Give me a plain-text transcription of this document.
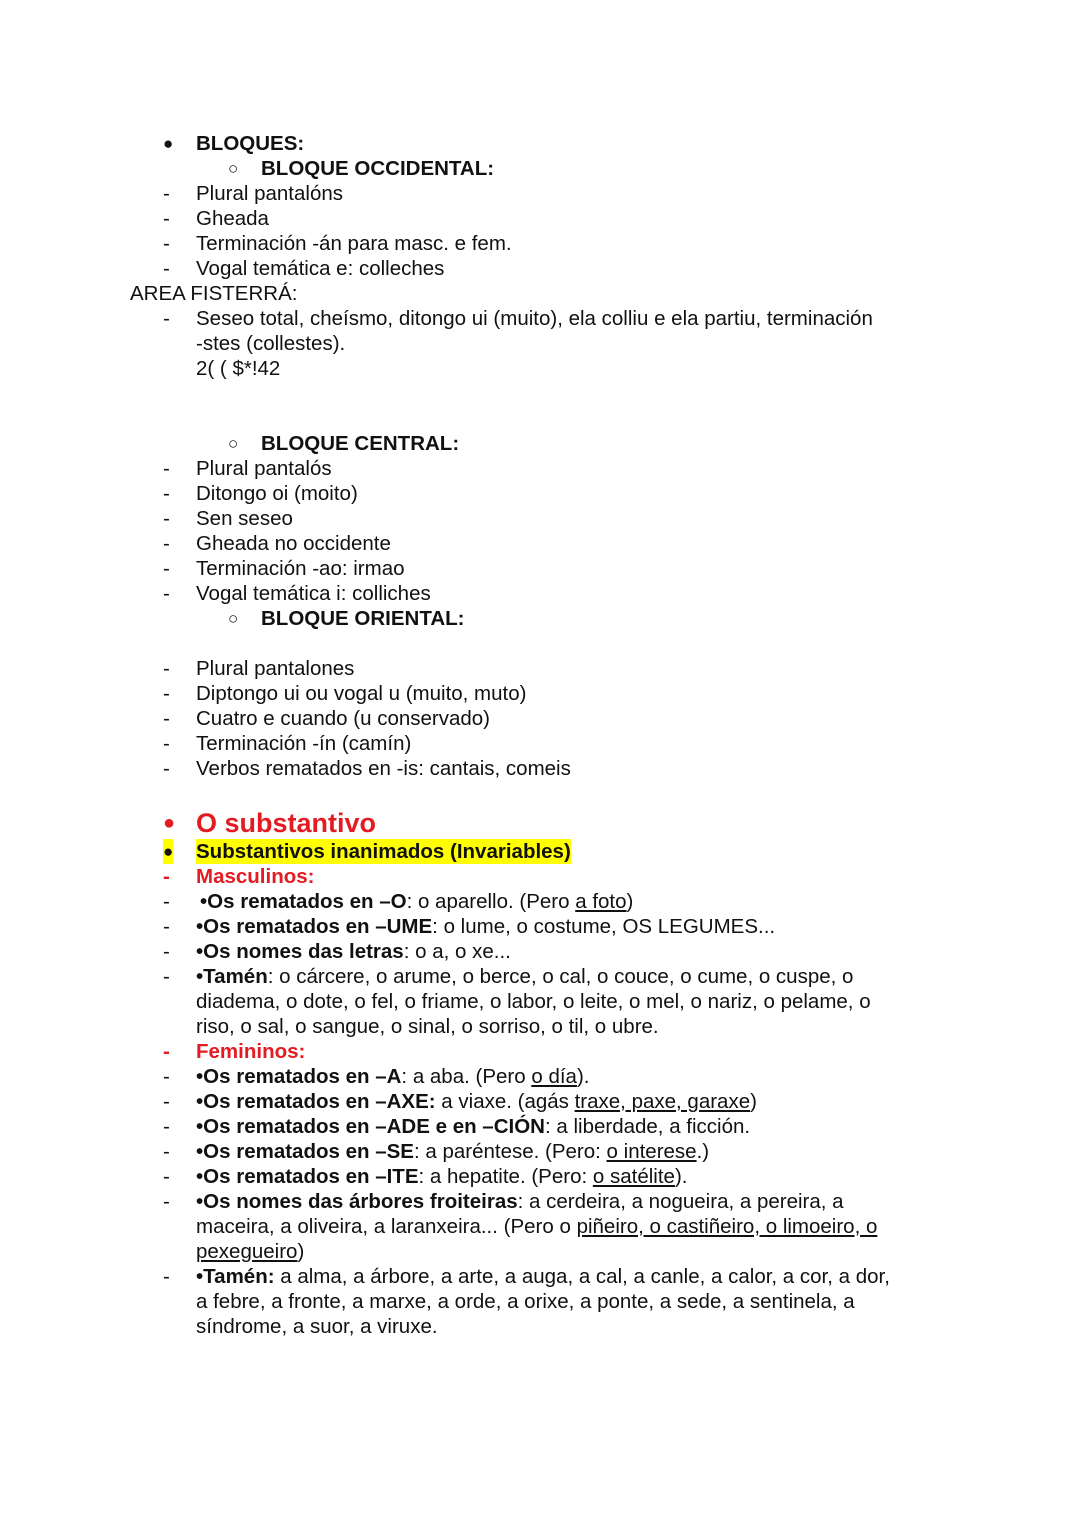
● BLOQUES:
○ BLOQUE OCCIDENTAL:
- Plural pantalóns
- Gheada
- Terminación -án para masc. e fem.
- Vogal temática e: colleches
AREA FISTERRÁ:
- Seseo total, cheísmo, ditongo ui (muito), ela colliu e ela partiu, terminación
-stes (collestes).
2( ( $*!42
○ BLOQUE CENTRAL:
- Plural pantalós
- Ditongo oi (moito)
- Sen seseo
- Gheada no occidente
- Terminación -ao: irmao
- Vogal temática i: colliches
○ BLOQUE ORIENTAL:
- Plural pantalones
- Diptongo ui ou vogal u (muito, muto)
- Cuatro e cuando (u conservado)
- Terminación -ín (camín)
- Verbos rematados en -is: cantais, comeis
● O substantivo
● Substantivos inanimados (Invariables)
- Masculinos:
- •Os rematados en –O: o aparello. (Pero a foto)
- •Os rematados en –UME: o lume, o costume, OS LEGUMES...
- •Os nomes das letras: o a, o xe...
- •Tamén: o cárcere, o arume, o berce, o cal, o couce, o cume, o cuspe, o
diadema, o dote, o fel, o friame, o labor, o leite, o mel, o nariz, o pelame, o
riso, o sal, o sangue, o sinal, o sorriso, o til, o ubre.
- Femininos:
- •Os rematados en –A: a aba. (Pero o día).
- •Os rematados en –AXE: a viaxe. (agás traxe, paxe, garaxe)
- •Os rematados en –ADE e en –CIÓN: a liberdade, a ficción.
- •Os rematados en –SE: a paréntese. (Pero: o interese.)
- •Os rematados en –ITE: a hepatite. (Pero: o satélite).
- •Os nomes das árbores froiteiras: a cerdeira, a nogueira, a pereira, a
maceira, a oliveira, a laranxeira... (Pero o piñeiro, o castiñeiro, o limoeiro, o
pexegueiro)
- •Tamén: a alma, a árbore, a arte, a auga, a cal, a canle, a calor, a cor, a dor,
a febre, a fronte, a marxe, a orde, a orixe, a ponte, a sede, a sentinela, a
síndrome, a suor, a viruxe.
